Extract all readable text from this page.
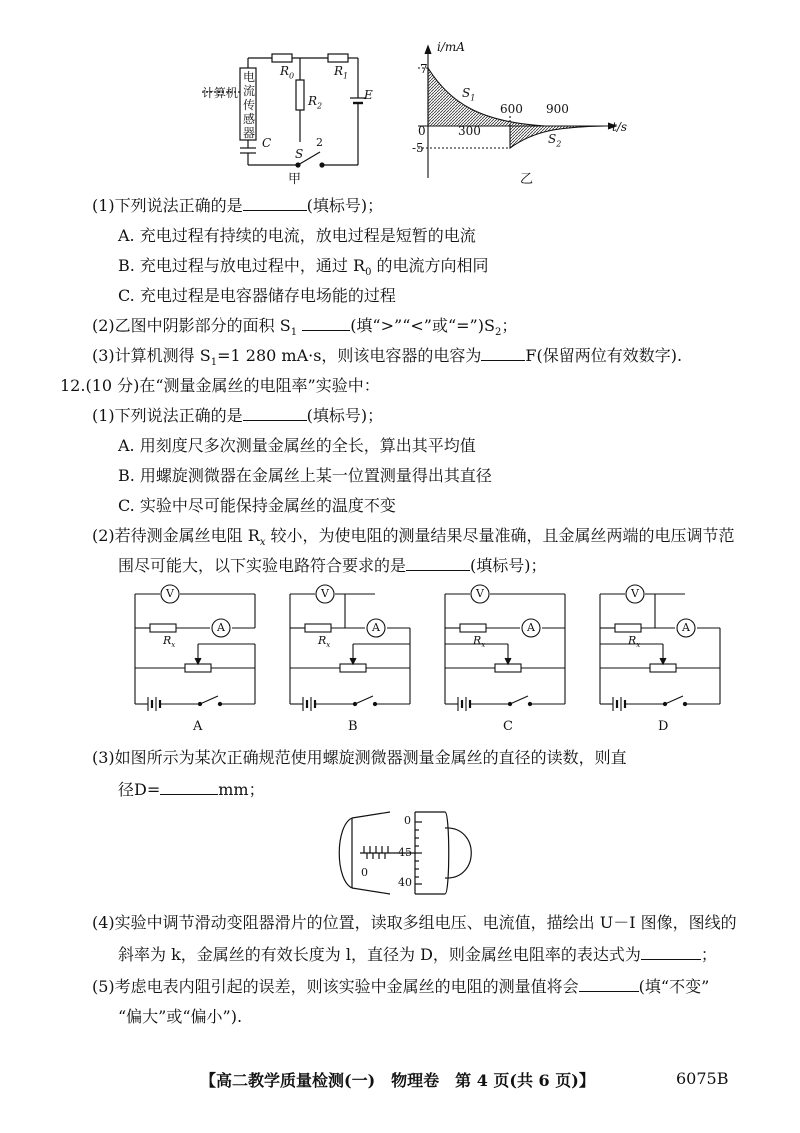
计算机
电
流
传
感
器
C
$R_0$	$R_1$
$R_2$
E
2
S
甲
i/mA
t/s
7
-5
0	300
600 900
$S_1$
$S_2$
乙
(1)下列说法正确的是	(填标号)；
A. 充电过程有持续的电流，放电过程是短暂的电流
B. 充电过程与放电过程中，通过 $R_0$ 的电流方向相同
C. 充电过程是电容器储存电场能的过程
(2)乙图中阴影部分的面积 $S_1$	(填“>”“<”或“$=”)S_2$；
(3)计算机测得 $S_1=1$ 280 mA·s，则该电容器的电容为	F(保留两位有效数字).
12.(10 分)在“测量金属丝的电阻率”实验中：
(1)下列说法正确的是	(填标号)；
A. 用刻度尺多次测量金属丝的全长，算出其平均值
B. 用螺旋测微器在金属丝上某一位置测量得出其直径
C. 实验中尽可能保持金属丝的温度不变
(2)若待测金属丝电阻 $R_x$ 较小，为使电阻的测量结果尽量准确，且金属丝两端的电压调节范
围尽可能大，以下实验电路符合要求的是	(填标号)；
V
A
V
A
V
A
V
A
$R_x$	$R_x$	$R_x$	$R_x$
A	B	C	D
(3)如图所示为某次正确规范使用螺旋测微器测量金属丝的直径的读数，则直
径D=	mm；
0
45
40
0
(4)实验中调节滑动变阻器滑片的位置，读取多组电压、电流值，描绘出 U－I 图像，图线的
斜率为 k，金属丝的有效长度为 l，直径为 D，则金属丝电阻率的表达式为	；
(5)考虑电表内阻引起的误差，则该实验中金属丝的电阻的测量值将会	(填“不变”
“偏大”或“偏小”).
【高二教学质量检测(一)　物理卷　第 4 页(共 6 页)】	6075B
